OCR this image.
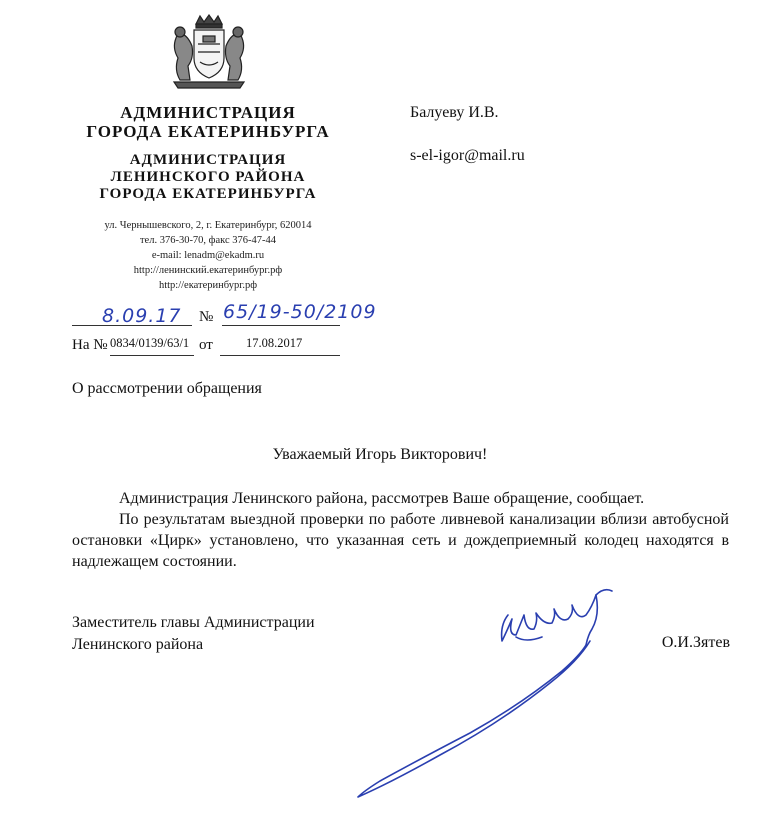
АДМИНИСТРАЦИЯ
ГОРОДА ЕКАТЕРИНБУРГА
АДМИНИСТРАЦИЯ
ЛЕНИНСКОГО РАЙОНА
ГОРОДА ЕКАТЕРИНБУРГА
ул. Чернышевского, 2, г. Екатеринбург, 620014
тел. 376-30-70, факс 376-47-44
e-mail: lenadm@ekadm.ru
http://ленинский.екатеринбург.рф
http://екатеринбург.рф
Балуеву И.В.
s-el-igor@mail.ru
8.09.17 № 65/19-50/2109
На № 0834/0139/63/1 от	17.08.2017
О рассмотрении обращения
Уважаемый Игорь Викторович!

Администрация Ленинского района, рассмотрев Ваше обращение, сообщает.

По результатам выездной проверки по работе ливневой канализации вблизи автобусной остановки «Цирк» установлено, что указанная сеть и дождеприемный колодец находятся в надлежащем состоянии.

Заместитель главы Администрации
Ленинского района	О.И.Зятев
